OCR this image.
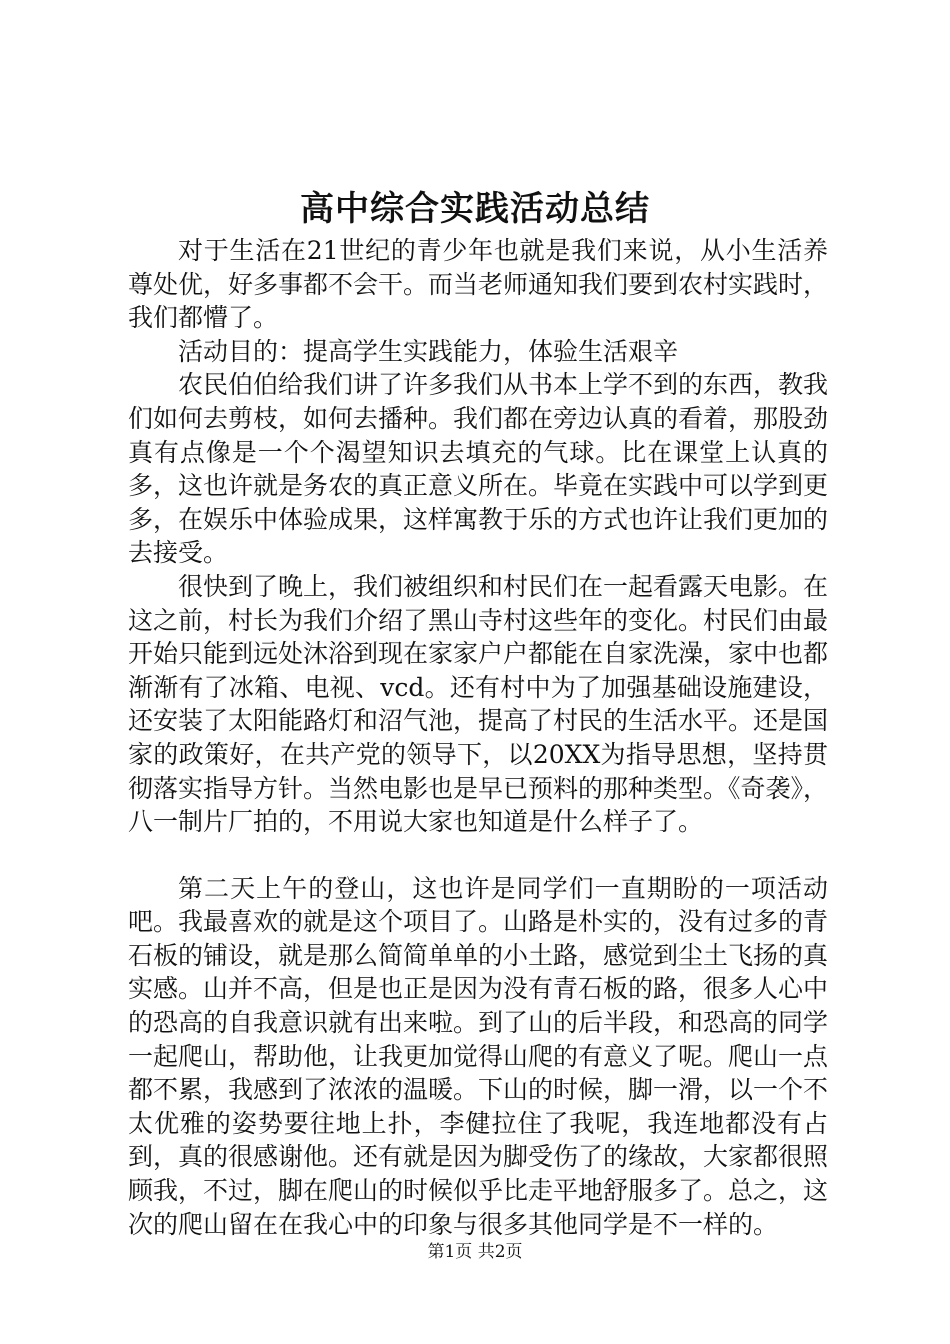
高中综合实践活动总结

对于生活在21世纪的青少年也就是我们来说，从小生活养尊处优，好多事都不会干。而当老师通知我们要到农村实践时，我们都懵了。

活动目的：提高学生实践能力，体验生活艰辛

农民伯伯给我们讲了许多我们从书本上学不到的东西，教我们如何去剪枝，如何去播种。我们都在旁边认真的看着，那股劲真有点像是一个个渴望知识去填充的气球。比在课堂上认真的多，这也许就是务农的真正意义所在。毕竟在实践中可以学到更多，在娱乐中体验成果，这样寓教于乐的方式也许让我们更加的去接受。

很快到了晚上，我们被组织和村民们在一起看露天电影。在这之前，村长为我们介绍了黑山寺村这些年的变化。村民们由最开始只能到远处沐浴到现在家家户户都能在自家洗澡，家中也都渐渐有了冰箱、电视、vcd。还有村中为了加强基础设施建设，还安装了太阳能路灯和沼气池，提高了村民的生活水平。还是国家的政策好，在共产党的领导下，以20XX为指导思想，坚持贯彻落实指导方针。当然电影也是早已预料的那种类型。《奇袭》，八一制片厂拍的，不用说大家也知道是什么样子了。

第二天上午的登山，这也许是同学们一直期盼的一项活动吧。我最喜欢的就是这个项目了。山路是朴实的，没有过多的青石板的铺设，就是那么简简单单的小土路，感觉到尘土飞扬的真实感。山并不高，但是也正是因为没有青石板的路，很多人心中的恐高的自我意识就有出来啦。到了山的后半段，和恐高的同学一起爬山，帮助他，让我更加觉得山爬的有意义了呢。爬山一点都不累，我感到了浓浓的温暖。下山的时候，脚一滑，以一个不太优雅的姿势要往地上扑，李健拉住了我呢，我连地都没有占到，真的很感谢他。还有就是因为脚受伤了的缘故，大家都很照顾我，不过，脚在爬山的时候似乎比走平地舒服多了。总之，这次的爬山留在在我心中的印象与很多其他同学是不一样的。

第1页 共2页
